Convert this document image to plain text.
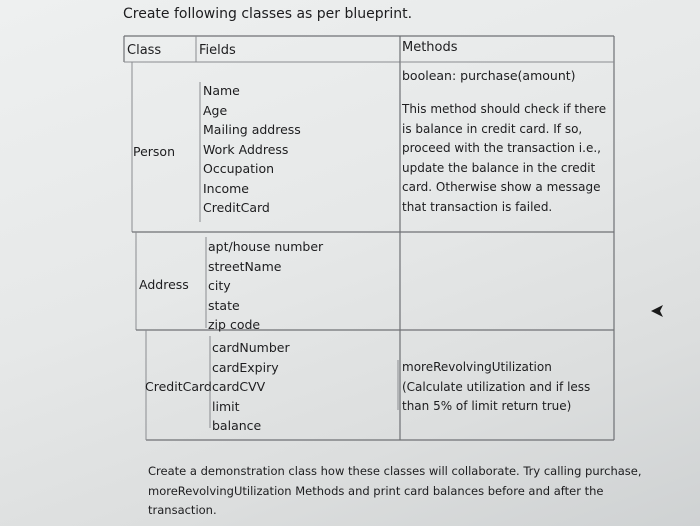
Create following classes as per blueprint.
Class	Fields	Methods
boolean: purchase(amount)
Person
Name
Age
Mailing address
Work Address
Occupation
Income
CreditCard
This method should check if there
is balance in credit card. If so,
proceed with the transaction i.e.,
update the balance in the credit
card. Otherwise show a message
that transaction is failed.
Address
apt/house number
streetName
city
state
zip code
CreditCard
cardNumber
cardExpiry
cardCVV
limit
balance
moreRevolvingUtilization
(Calculate utilization and if less
than 5% of limit return true)
Create a demonstration class how these classes will collaborate. Try calling purchase,
moreRevolvingUtilization Methods and print card balances before and after the
transaction.
